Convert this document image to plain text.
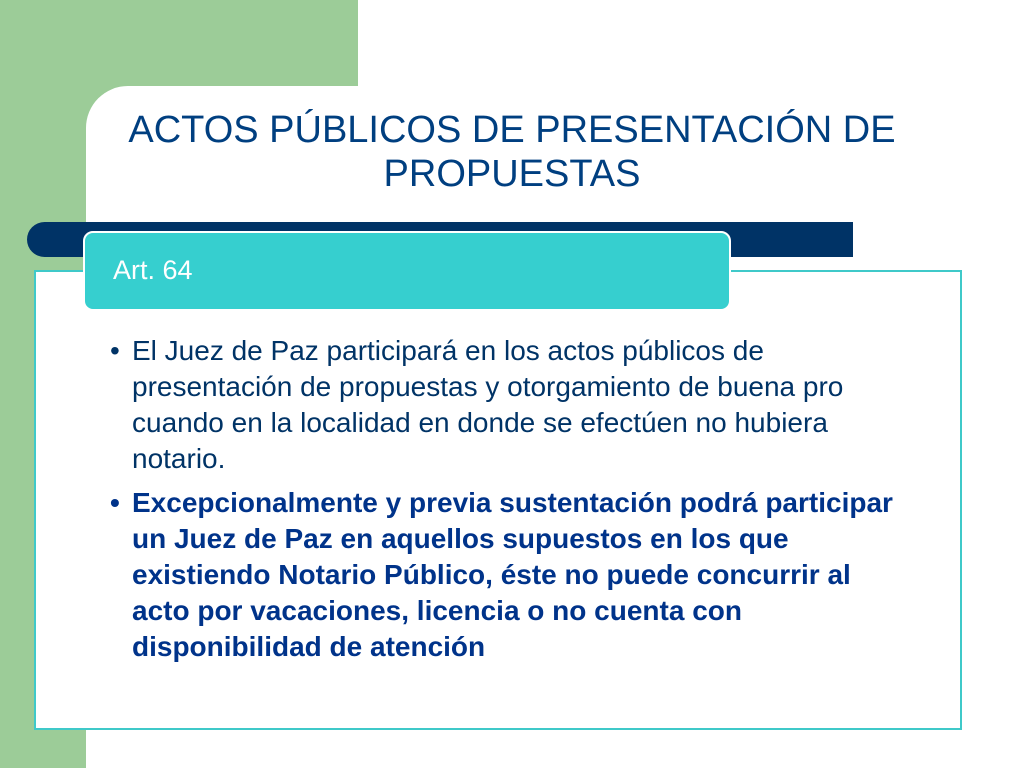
ACTOS PÚBLICOS DE PRESENTACIÓN DE PROPUESTAS
Art. 64
• El Juez de Paz participará en los actos públicos de presentación de propuestas y otorgamiento de buena pro cuando en la localidad en donde se efectúen no hubiera notario.
• Excepcionalmente y previa sustentación podrá participar un Juez de Paz en aquellos supuestos en los que existiendo Notario Público, éste no puede concurrir al acto por vacaciones, licencia o no cuenta con disponibilidad de atención
